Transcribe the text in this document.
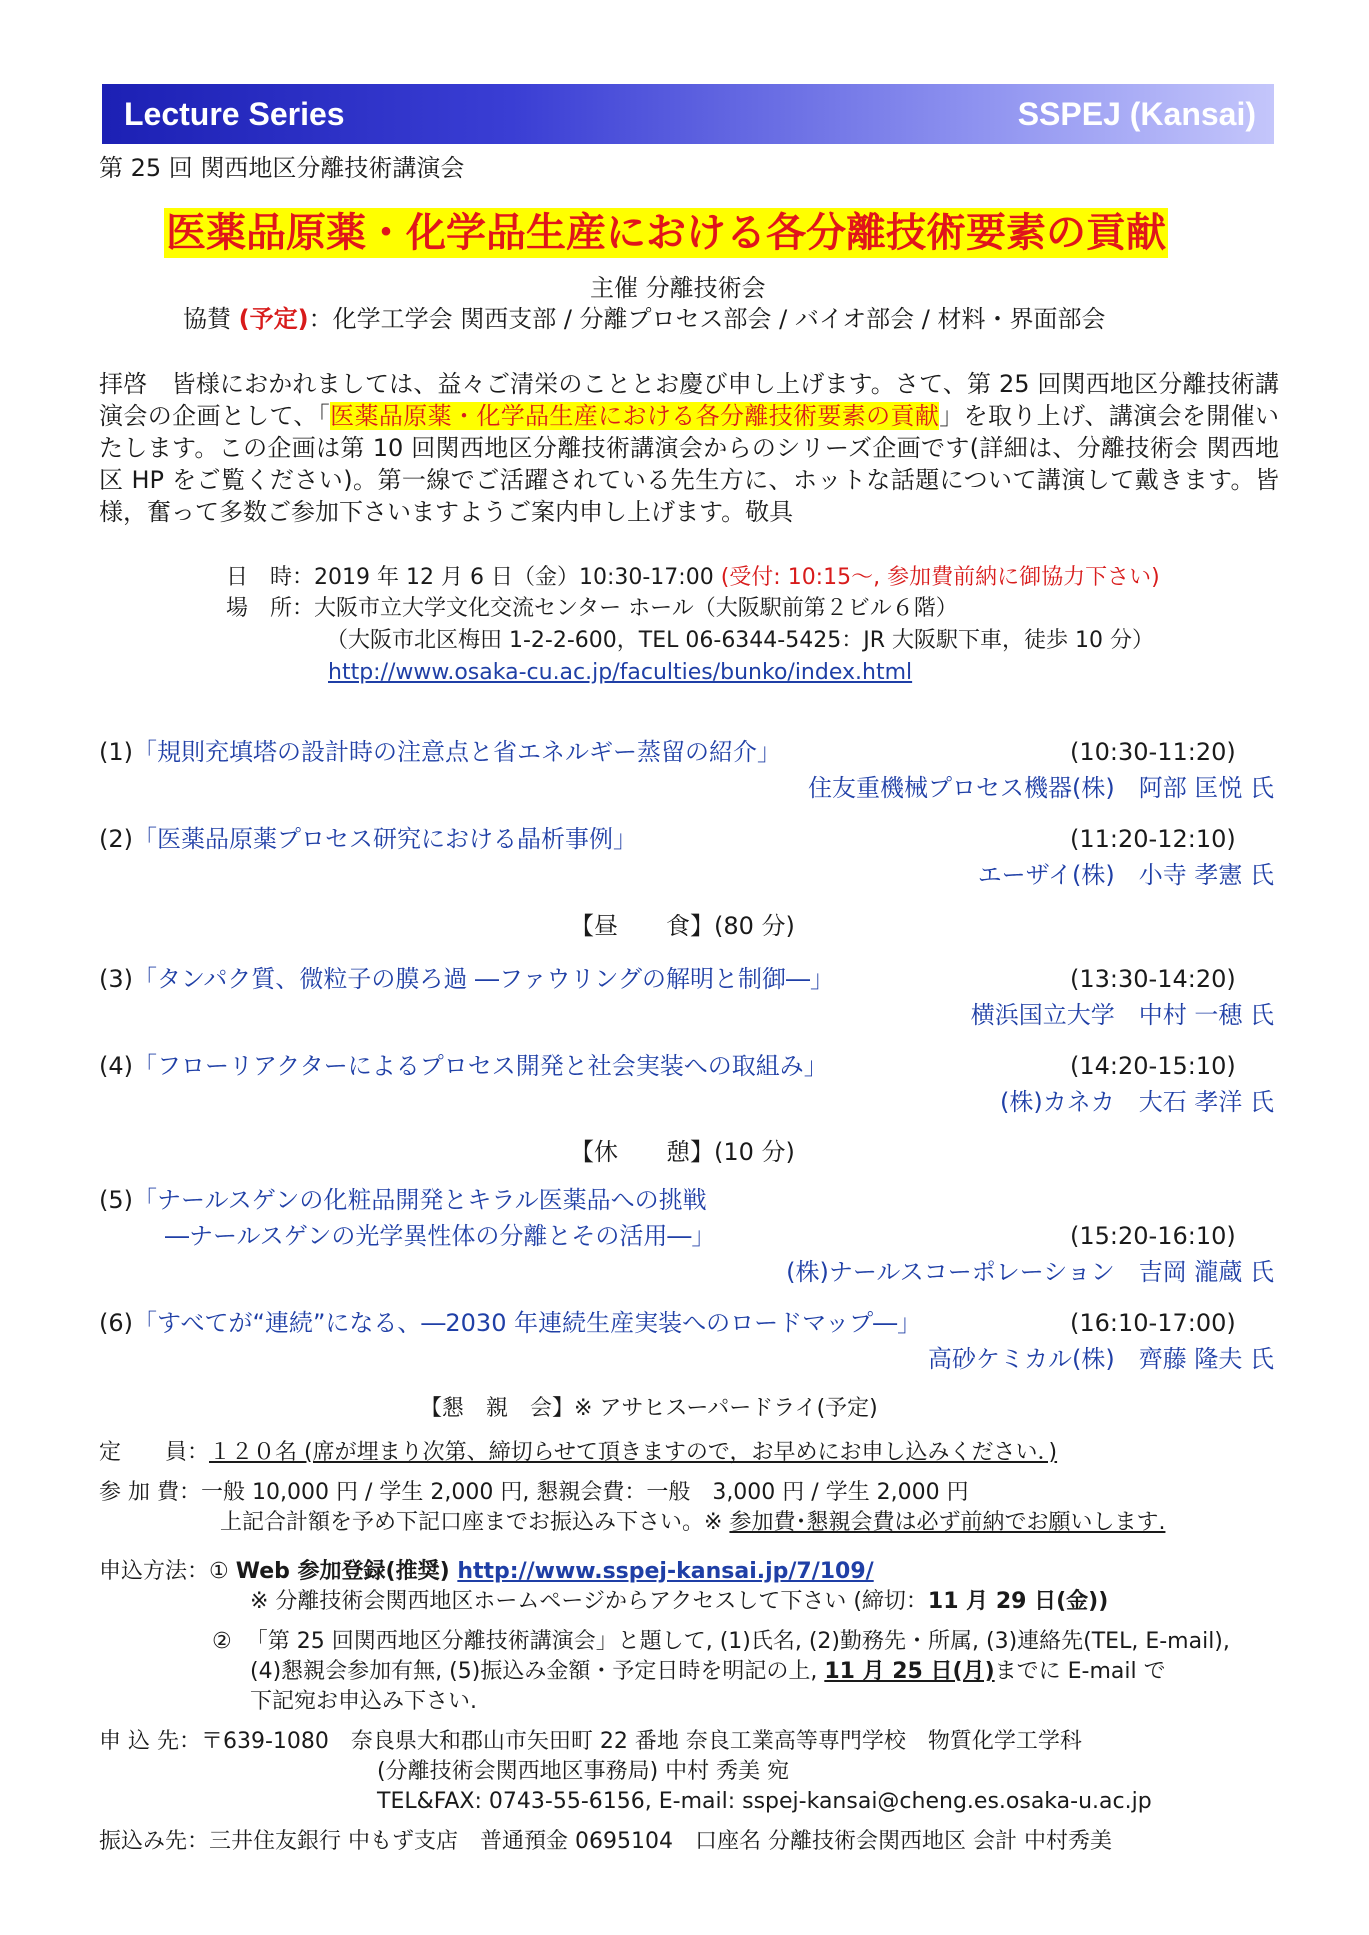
Lecture Series	SSPEJ (Kansai)
第 25 回 関西地区分離技術講演会
医薬品原薬・化学品生産における各分離技術要素の貢献
主催 分離技術会
協賛 (予定)：化学工学会 関西支部 / 分離プロセス部会 / バイオ部会 / 材料・界面部会
拝啓　皆様におかれましては、益々ご清栄のこととお慶び申し上げます。さて、第 25 回関西地区分離技術講演会の企画として、「医薬品原薬・化学品生産における各分離技術要素の貢献」を取り上げ、講演会を開催いたします。この企画は第 10 回関西地区分離技術講演会からのシリーズ企画です(詳細は、分離技術会 関西地区 HP をご覧ください)。第一線でご活躍されている先生方に、ホットな話題について講演して戴きます。皆様，奮って多数ご参加下さいますようご案内申し上げます。敬具
日　時：2019 年 12 月 6 日（金）10:30-17:00 (受付: 10:15～, 参加費前納に御協力下さい)
場　所：大阪市立大学文化交流センター ホール（大阪駅前第２ビル６階）
（大阪市北区梅田 1-2-2-600，TEL 06-6344-5425：JR 大阪駅下車，徒歩 10 分）
http://www.osaka-cu.ac.jp/faculties/bunko/index.html
(1)「規則充填塔の設計時の注意点と省エネルギー蒸留の紹介」	(10:30-11:20)
住友重機械プロセス機器(株)　阿部 匡悦 氏
(2)「医薬品原薬プロセス研究における晶析事例」	(11:20-12:10)
エーザイ(株)　小寺 孝憲 氏
【昼　　食】(80 分)
(3)「タンパク質、微粒子の膜ろ過 ―ファウリングの解明と制御―」	(13:30-14:20)
横浜国立大学　中村 一穂 氏
(4)「フローリアクターによるプロセス開発と社会実装への取組み」	(14:20-15:10)
(株)カネカ　大石 孝洋 氏
【休　　憩】(10 分)
(5)「ナールスゲンの化粧品開発とキラル医薬品への挑戦
―ナールスゲンの光学異性体の分離とその活用―」	(15:20-16:10)
(株)ナールスコーポレーション　吉岡 瀧蔵 氏
(6)「すべてが“連続”になる、―2030 年連続生産実装へのロードマップ―」	(16:10-17:00)
高砂ケミカル(株)　齊藤 隆夫 氏
【懇　親　会】※ アサヒスーパードライ(予定)
定　　員：１２０名 (席が埋まり次第、締切らせて頂きますので，お早めにお申し込みください．)
参 加 費：一般 10,000 円 / 学生 2,000 円, 懇親会費：一般　3,000 円 / 学生 2,000 円
上記合計額を予め下記口座までお振込み下さい。※ 参加費･懇親会費は必ず前納でお願いします.
申込方法：① Web 参加登録(推奨) http://www.sspej-kansai.jp/7/109/
※ 分離技術会関西地区ホームページからアクセスして下さい (締切：11 月 29 日(金))
② 「第 25 回関西地区分離技術講演会」と題して, (1)氏名, (2)勤務先・所属, (3)連絡先(TEL, E-mail),
(4)懇親会参加有無, (5)振込み金額・予定日時を明記の上, 11 月 25 日(月)までに E-mail で
下記宛お申込み下さい.
申 込 先：〒639-1080　奈良県大和郡山市矢田町 22 番地 奈良工業高等専門学校　物質化学工学科
(分離技術会関西地区事務局) 中村 秀美 宛
TEL&FAX: 0743-55-6156, E-mail: sspej-kansai@cheng.es.osaka-u.ac.jp
振込み先：三井住友銀行 中もず支店　普通預金 0695104　口座名 分離技術会関西地区 会計 中村秀美
